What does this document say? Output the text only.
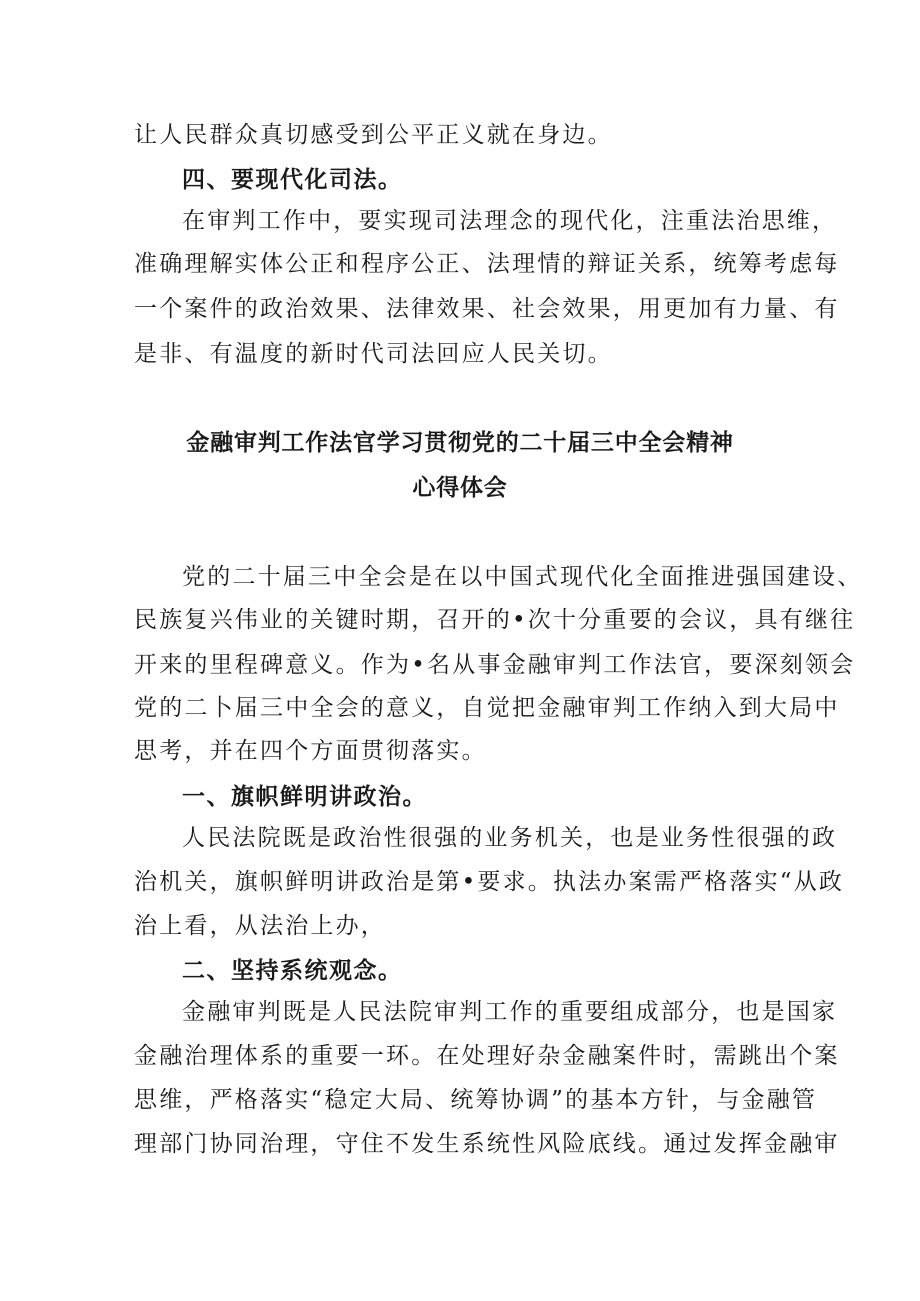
让人民群众真切感受到公平正义就在身边。
四、要现代化司法。
在审判工作中，要实现司法理念的现代化，注重法治思维，
准确理解实体公正和程序公正、法理情的辩证关系，统筹考虑每
一个案件的政治效果、法律效果、社会效果，用更加有力量、有
是非、有温度的新时代司法回应人民关切。
金融审判工作法官学习贯彻党的二十届三中全会精神
心得体会
党的二十届三中全会是在以中国式现代化全面推进强国建设、
民族复兴伟业的关键时期，召开的•次十分重要的会议，具有继往
开来的里程碑意义。作为•名从事金融审判工作法官，要深刻领会
党的二卜届三中全会的意义，自觉把金融审判工作纳入到大局中
思考，并在四个方面贯彻落实。
一、旗帜鲜明讲政治。
人民法院既是政治性很强的业务机关，也是业务性很强的政
治机关，旗帜鲜明讲政治是第•要求。执法办案需严格落实“从政
治上看，从法治上办，
二、坚持系统观念。
金融审判既是人民法院审判工作的重要组成部分，也是国家
金融治理体系的重要一环。在处理好杂金融案件时，需跳出个案
思维，严格落实“稳定大局、统筹协调”的基本方针，与金融管
理部门协同治理，守住不发生系统性风险底线。通过发挥金融审
